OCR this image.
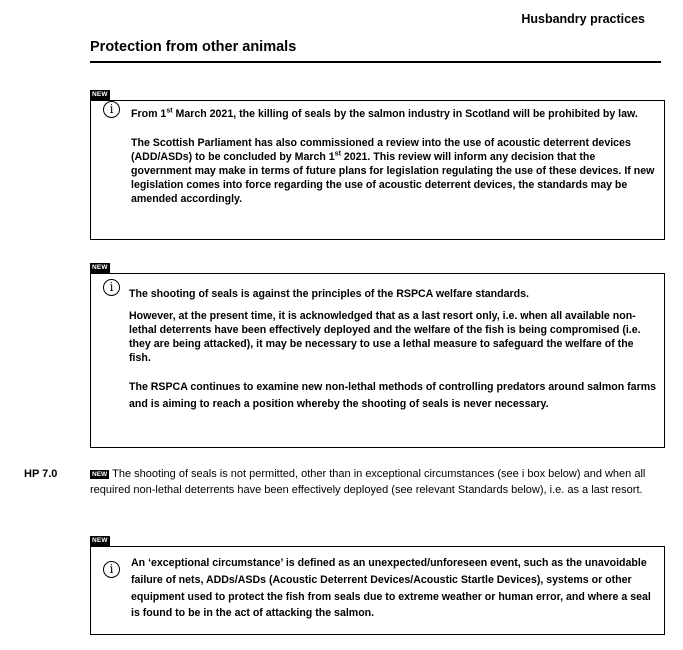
Husbandry practices
Protection from other animals
NEW
i	From 1st March 2021, the killing of seals by the salmon industry in Scotland will be prohibited by law.

The Scottish Parliament has also commissioned a review into the use of acoustic deterrent devices (ADD/ASDs) to be concluded by March 1st 2021. This review will inform any decision that the government may make in terms of future plans for legislation regulating the use of these devices. If new legislation comes into force regarding the use of acoustic deterrent devices, the standards may be amended accordingly.

NEW
i	The shooting of seals is against the principles of the RSPCA welfare standards.

However, at the present time, it is acknowledged that as a last resort only, i.e. when all available non-lethal deterrents have been effectively deployed and the welfare of the fish is being compromised (i.e. they are being attacked), it may be necessary to use a lethal measure to safeguard the welfare of the fish.

The RSPCA continues to examine new non-lethal methods of controlling predators around salmon farms and is aiming to reach a position whereby the shooting of seals is never necessary.

HP 7.0	NEW The shooting of seals is not permitted, other than in exceptional circumstances (see i box below) and when all required non-lethal deterrents have been effectively deployed (see relevant Standards below), i.e. as a last resort.
NEW
i	An ‘exceptional circumstance’ is defined as an unexpected/unforeseen event, such as the unavoidable failure of nets, ADDs/ASDs (Acoustic Deterrent Devices/Acoustic Startle Devices), systems or other equipment used to protect the fish from seals due to extreme weather or human error, and where a seal is found to be in the act of attacking the salmon.
